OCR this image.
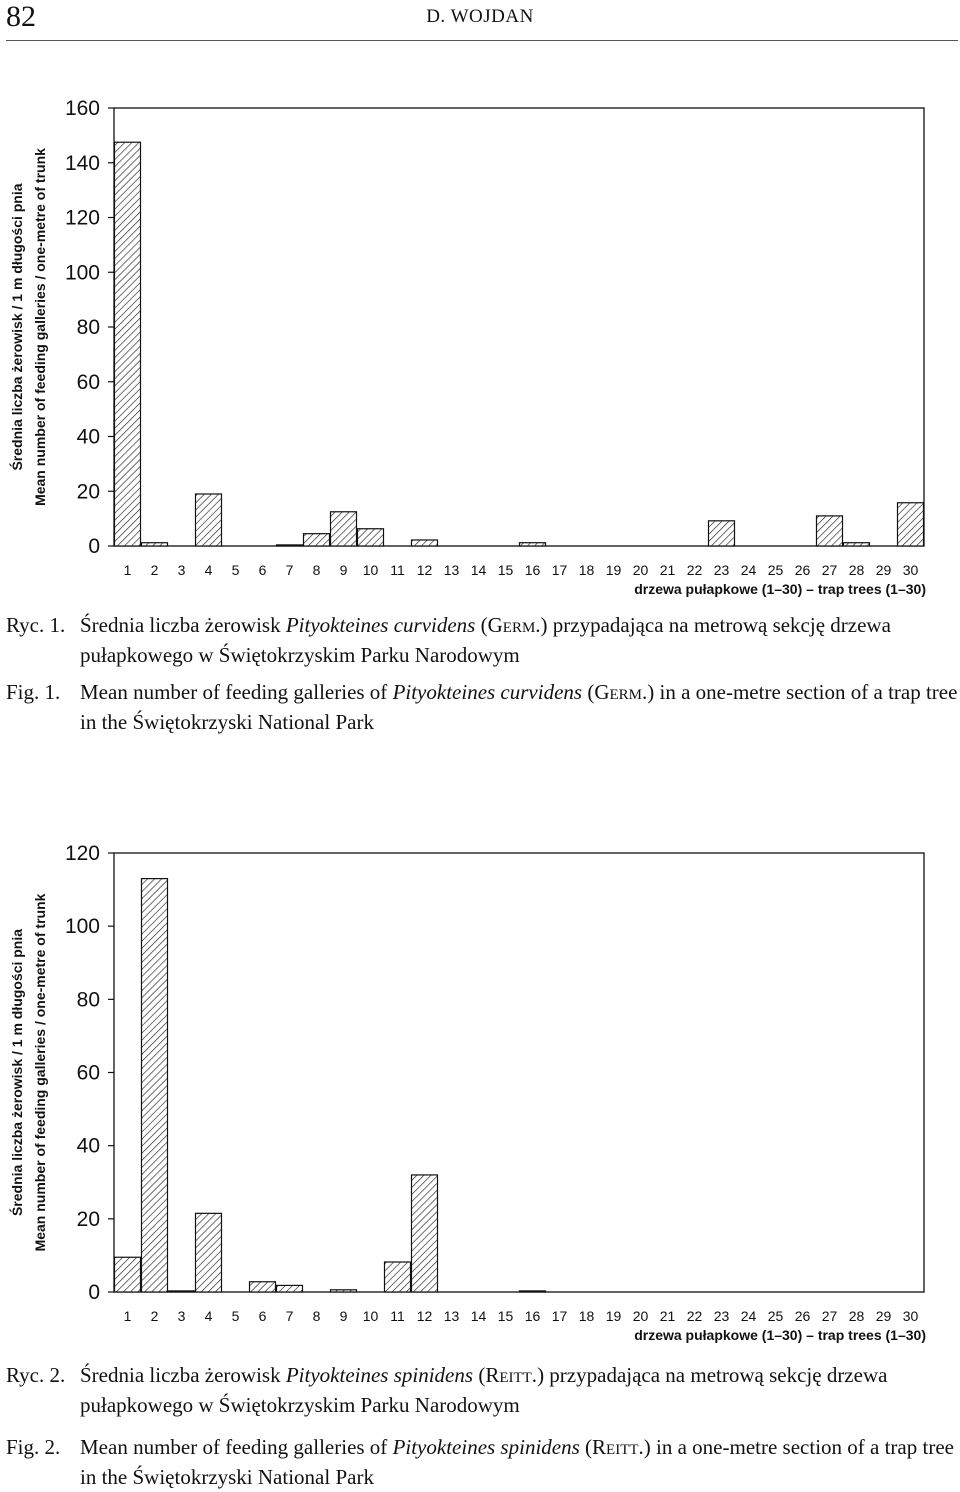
82	D. WOJDAN
0
20
40
60
80
100
120
140
160
1 2 3 4 5 6 7 8 9 10 11 12 13 14 15 16 17 18 19 20 21 22 23 24 25 26 27 28 29 30
drzewa pułapkowe (1–30) – trap trees (1–30)
Średnia liczba żerowisk / 1 m długości pnia Mean number of feeding galleries / one-metre of trunk
Ryc. 1. Średnia liczba żerowisk Pityokteines curvidens (Germ.) przypadająca na metrową sekcję drzewa pułapkowego w Świętokrzyskim Parku Narodowym
Fig. 1. Mean number of feeding galleries of Pityokteines curvidens (Germ.) in a one-metre section of a trap tree in the Świętokrzyski National Park
0
20
40
60
80
100
120
1 2 3 4 5 6 7 8 9 10 11 12 13 14 15 16 17 18 19 20 21 22 23 24 25 26 27 28 29 30
drzewa pułapkowe (1–30) – trap trees (1–30)
Średnia liczba żerowisk / 1 m długości pnia Mean number of feeding galleries / one-metre of trunk
Ryc. 2. Średnia liczba żerowisk Pityokteines spinidens (Reitt.) przypadająca na metrową sekcję drzewa pułapkowego w Świętokrzyskim Parku Narodowym
Fig. 2. Mean number of feeding galleries of Pityokteines spinidens (Reitt.) in a one-metre section of a trap tree in the Świętokrzyski National Park
